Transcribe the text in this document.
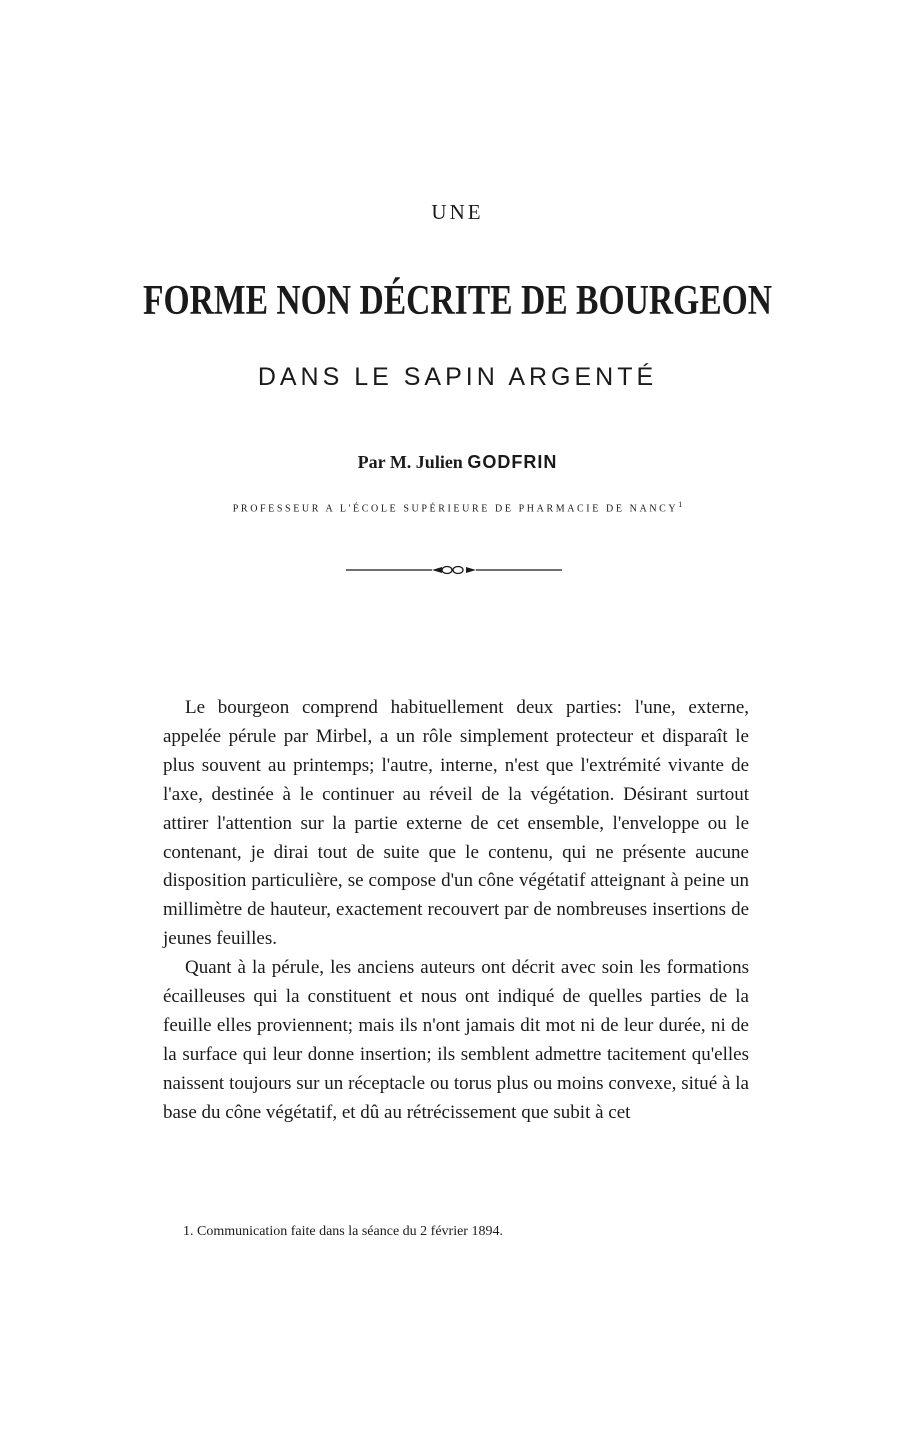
UNE
FORME NON DÉCRITE DE BOURGEON
DANS LE SAPIN ARGENTÉ
Par M. Julien GODFRIN
PROFESSEUR A L'ÉCOLE SUPÉRIEURE DE PHARMACIE DE NANCY$^1$

Le bourgeon comprend habituellement deux parties: l'une, externe, appelée pérule par Mirbel, a un rôle simplement protecteur et disparaît le plus souvent au printemps; l'autre, interne, n'est que l'extrémité vivante de l'axe, destinée à le continuer au réveil de la végétation. Désirant surtout attirer l'attention sur la partie externe de cet ensemble, l'enveloppe ou le contenant, je dirai tout de suite que le contenu, qui ne présente aucune disposition particulière, se compose d'un cône végétatif atteignant à peine un millimètre de hauteur, exactement recouvert par de nombreuses insertions de jeunes feuilles.

Quant à la pérule, les anciens auteurs ont décrit avec soin les formations écailleuses qui la constituent et nous ont indiqué de quelles parties de la feuille elles proviennent; mais ils n'ont jamais dit mot ni de leur durée, ni de la surface qui leur donne insertion; ils semblent admettre tacitement qu'elles naissent toujours sur un réceptacle ou torus plus ou moins convexe, situé à la base du cône végétatif, et dû au rétrécissement que subit à cet

1. Communication faite dans la séance du 2 février 1894.
